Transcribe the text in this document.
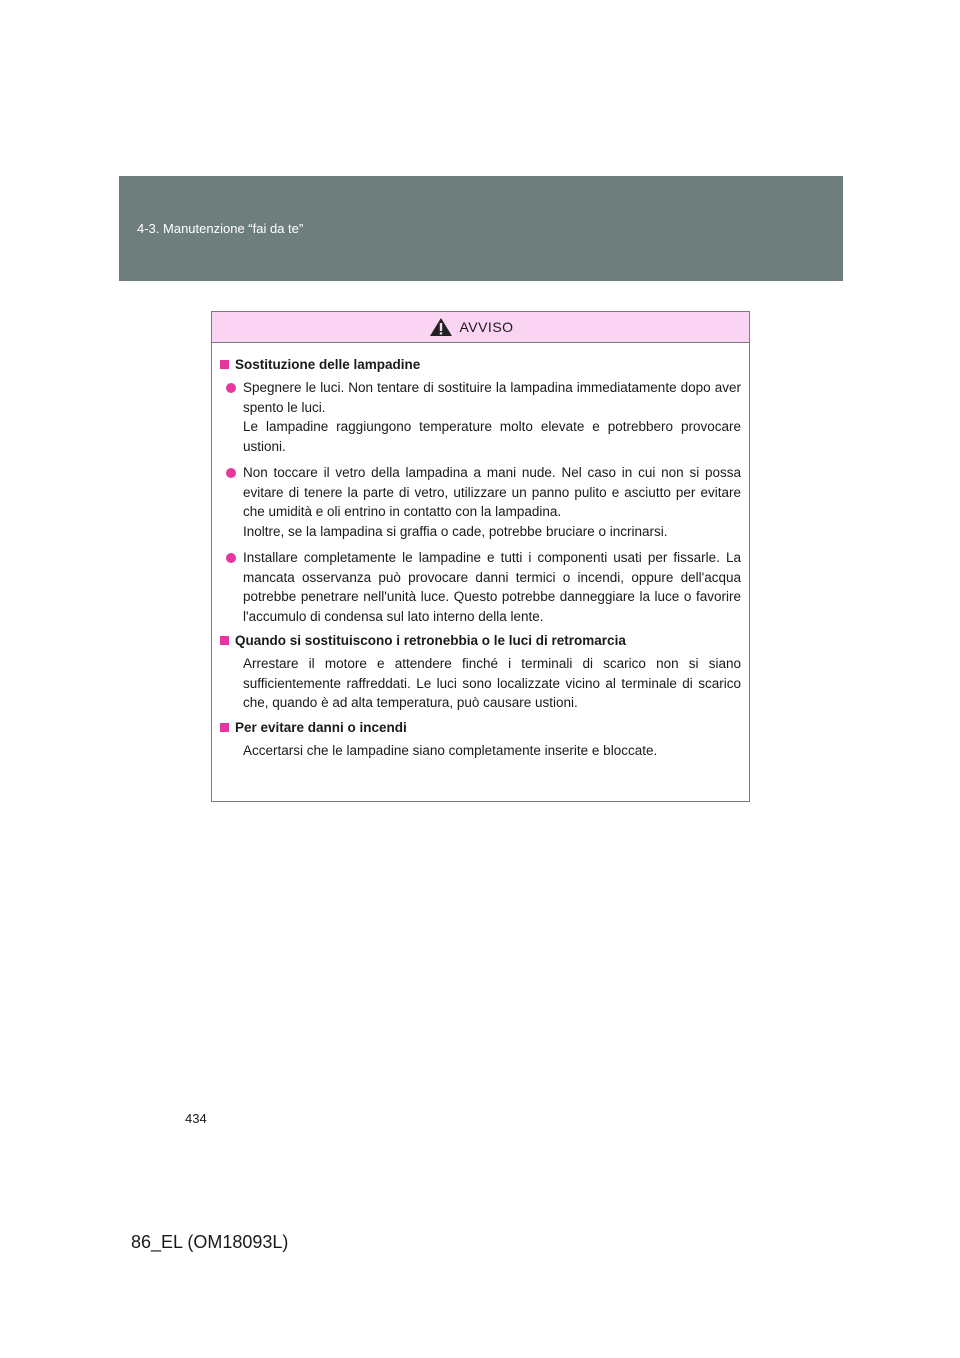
4-3. Manutenzione “fai da te”
AVVISO
Sostituzione delle lampadine
Spegnere le luci. Non tentare di sostituire la lampadina immediatamente dopo aver spento le luci.
Le lampadine raggiungono temperature molto elevate e potrebbero provocare ustioni.
Non toccare il vetro della lampadina a mani nude. Nel caso in cui non si possa evitare di tenere la parte di vetro, utilizzare un panno pulito e asciutto per evitare che umidità e oli entrino in contatto con la lampadina.
Inoltre, se la lampadina si graffia o cade, potrebbe bruciare o incrinarsi.
Installare completamente le lampadine e tutti i componenti usati per fissarle. La mancata osservanza può provocare danni termici o incendi, oppure dell'acqua potrebbe penetrare nell'unità luce. Questo potrebbe danneggiare la luce o favorire l'accumulo di condensa sul lato interno della lente.
Quando si sostituiscono i retronebbia o le luci di retromarcia
Arrestare il motore e attendere finché i terminali di scarico non si siano sufficientemente raffreddati. Le luci sono localizzate vicino al terminale di scarico che, quando è ad alta temperatura, può causare ustioni.
Per evitare danni o incendi
Accertarsi che le lampadine siano completamente inserite e bloccate.
434
86_EL (OM18093L)
